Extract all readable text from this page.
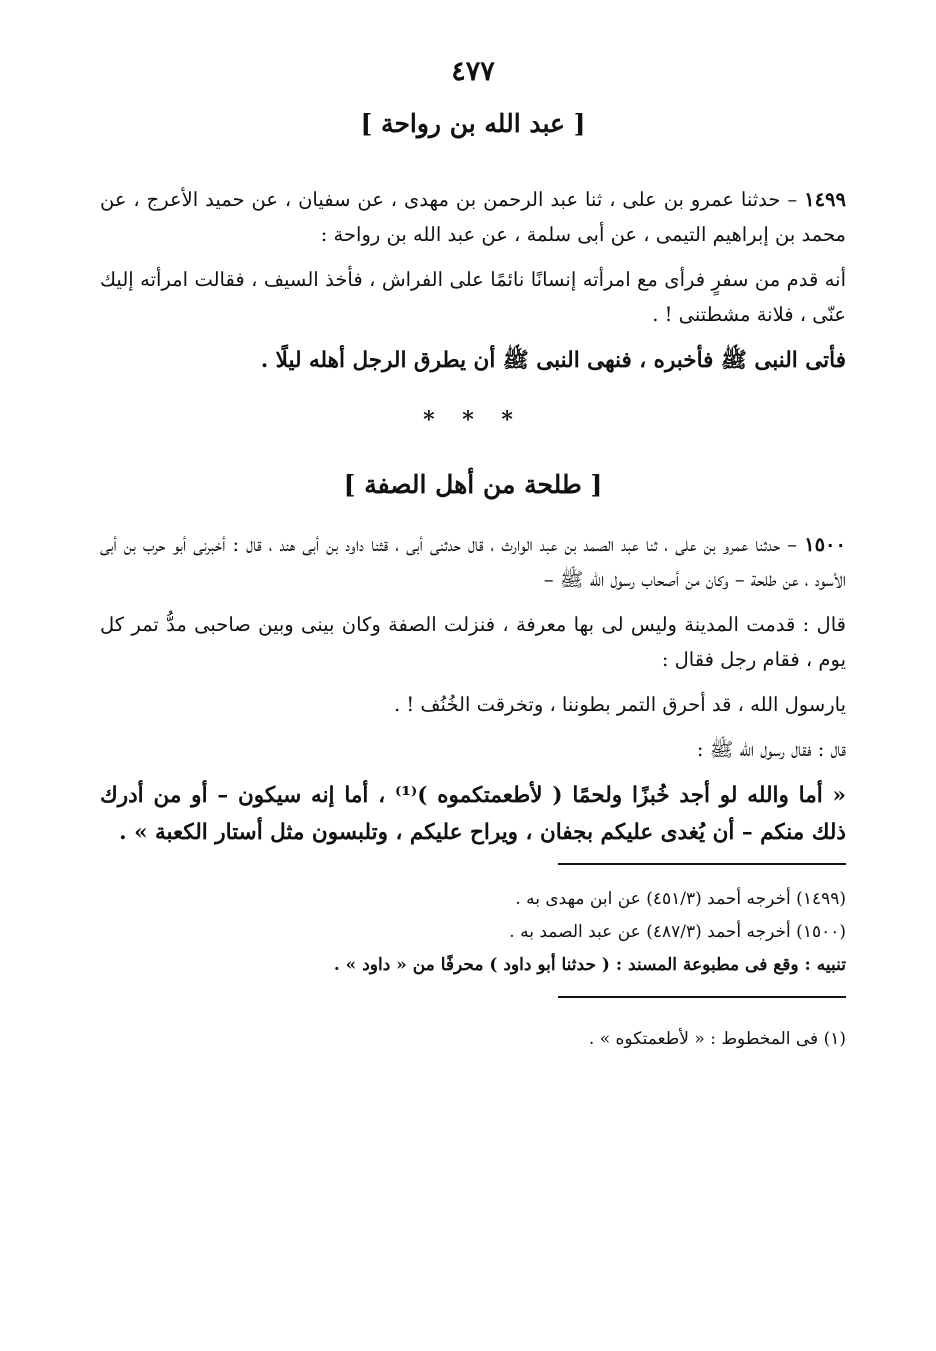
٤٧٧
[ عبد الله بن رواحة ]

١٤٩٩ – حدثنا عمرو بن على ، ثنا عبد الرحمن بن مهدى ، عن سفيان ، عن حميد الأعرج ، عن محمد بن إبراهيم التيمى ، عن أبى سلمة ، عن عبد الله بن رواحة :

أنه قدم من سفرٍ فرأى مع امرأته إنسانًا نائمًا على الفراش ، فأخذ السيف ، فقالت امرأته إليك عنّى ، فلانة مشطتنى ! .

فأتى النبى ﷺ فأخبره ، فنهى النبى ﷺ أن يطرق الرجل أهله ليلًا .

* * *
[ طلحة من أهل الصفة ]

١٥٠٠ – حدثنا عمرو بن على ، ثنا عبد الصمد بن عبد الوارث ، قال حدثنى أبى ، قثنا داود بن أبى هند ، قال : أخبرنى أبو حرب بن أبى الأسود ، عن طلحة – وكان من أصحاب رسول الله ﷺ –

قال : قدمت المدينة وليس لى بها معرفة ، فنزلت الصفة وكان بينى وبين صاحبى مدُّ تمر كل يوم ، فقام رجل فقال :

يارسول الله ، قد أحرق التمر بطوننا ، وتخرقت الخُنُف ! .

قال : فقال رسول الله ﷺ :

« أما والله لو أجد خُبزًا ولحمًا ( لأطعمتكموه )⁽¹⁾ ، أما إنه سيكون – أو من أدرك ذلك منكم – أن يُغدى عليكم بجفان ، ويراح عليكم ، وتلبسون مثل أستار الكعبة » .

(١٤٩٩) أخرجه أحمد (٤٥١/٣) عن ابن مهدى به .

(١٥٠٠) أخرجه أحمد (٤٨٧/٣) عن عبد الصمد به .

تنبيه : وقع فى مطبوعة المسند : ( حدثنا أبو داود ) محرفًا من « داود » .

(١) فى المخطوط : « لأطعمتكوه » .
